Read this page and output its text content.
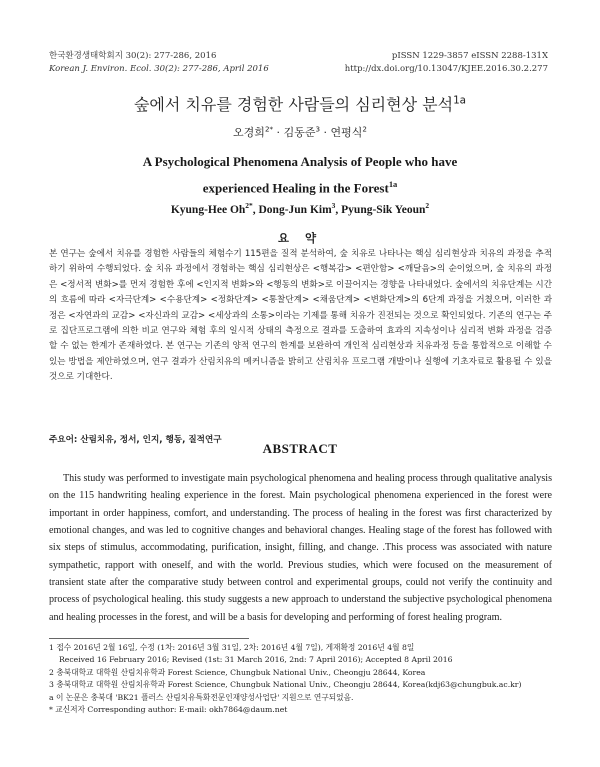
한국환경생태학회지 30(2): 277-286, 2016
Korean J. Environ. Ecol. 30(2): 277-286, April 2016
pISSN 1229-3857 eISSN 2288-131X
http://dx.doi.org/10.13047/KJEE.2016.30.2.277
숲에서 치유를 경험한 사람들의 심리현상 분석$^{1a}$
오경희$^{2*}$ · 김동준$^3$ · 연평식$^2$
A Psychological Phenomena Analysis of People who have
experienced Healing in the Forest$^{1a}$
Kyung-Hee $Oh^{2*}$, Dong-Jun Kim$^3$, Pyung-Sik Yeoun$^2$
요 약

본 연구는 숲에서 치유를 경험한 사람들의 체험수기 115편을 질적 분석하여, 숲 치유로 나타나는 핵심 심리현상과 치유의 과정을 추적하기 위하여 수행되었다. 숲 치유 과정에서 경험하는 핵심 심리현상은 <행복감> <편안함> <깨달음>의 순이었으며, 숲 치유의 과정은 <정서적 변화>를 먼저 경험한 후에 <인지적 변화>와 <행동의 변화>로 이끌어지는 경향을 나타내었다. 숲에서의 치유단계는 시간의 흐름에 따라 <자극단계> <수용단계> <정화단계> <통찰단계> <채움단계> <변화단계>의 6단계 과정을 거쳤으며, 이러한 과정은 <자연과의 교감> <자신과의 교감> <세상과의 소통>이라는 기제를 통해 치유가 진전되는 것으로 확인되었다. 기존의 연구는 주로 집단프로그램에 의한 비교 연구와 체험 후의 일시적 상태의 측정으로 결과를 도출하여 효과의 지속성이나 심리적 변화 과정을 검증할 수 없는 한계가 존재하였다. 본 연구는 기존의 양적 연구의 한계를 보완하여 개인적 심리현상과 치유과정 등을 통합적으로 이해할 수 있는 방법을 제안하였으며, 연구 결과가 산림치유의 메커니즘을 밝히고 산림치유 프로그램 개발이나 실행에 기초자료로 활용될 수 있을 것으로 기대한다.

주요어: 산림치유, 정서, 인지, 행동, 질적연구
ABSTRACT

This study was performed to investigate main psychological phenomena and healing process through qualitative analysis on the 115 handwriting healing experience in the forest. Main psychological phenomena experienced in the forest were important in order happiness, comfort, and understanding. The process of healing in the forest was first characterized by emotional changes, and was led to cognitive changes and behavioral changes. Healing stage of the forest has followed with six steps of stimulus, accommodating, purification, insight, filling, and change. .This process was associated with nature sympathetic, rapport with oneself, and with the world. Previous studies, which were focused on the measurement of transient state after the comparative study between control and experimental groups, could not verify the continuity and process of psychological healing. this study suggests a new approach to understand the subjective psychological phenomena and healing processes in the forest, and will be a basis for developing and performing of forest healing program.

1 접수 2016년 2월 16일, 수정 (1차: 2016년 3월 31일, 2차: 2016년 4월 7일), 게재확정 2016년 4월 8일
Received 16 February 2016; Revised (1st: 31 March 2016, 2nd: 7 April 2016); Accepted 8 April 2016
2 충북대학교 대학원 산림치유학과 Forest Science, Chungbuk National Univ., Cheongju 28644, Korea
3 충북대학교 대학원 산림치유학과 Forest Science, Chungbuk National Univ., Cheongju 28644, Korea(kdj63@chungbuk.ac.kr)
a 이 논문은 충북대 'BK21 플러스 산림치유특화전문인재양성사업단' 지원으로 연구되었음.
* 교신저자 Corresponding author: E-mail: okh7864@daum.net
